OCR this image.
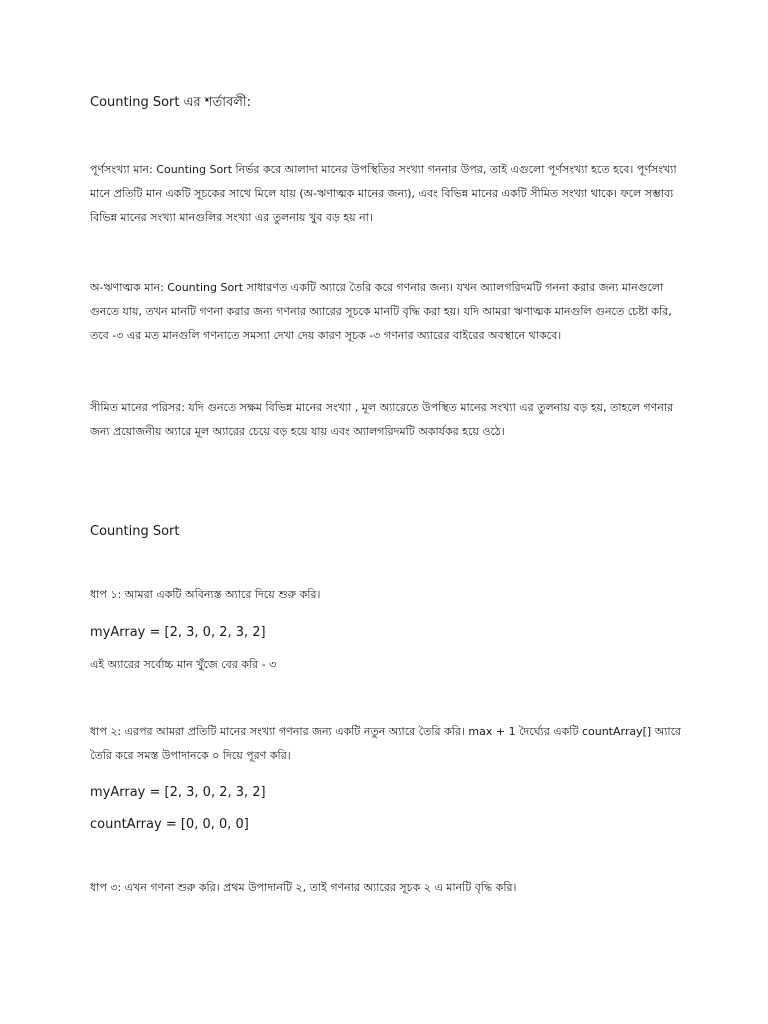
Counting Sort এর শর্তাবলী:
পূর্ণসংখ্যা মান: Counting Sort নির্ভর করে আলাদা মানের উপস্থিতির সংখ্যা গননার উপর, তাই এগুলো পূর্ণসংখ্যা হতে হবে। পূর্ণসংখ্যা মানে প্রতিটি মান একটি সূচকের সাথে মিলে যায় (অ-ঋণাত্মক মানের জন্য), এবং বিভিন্ন মানের একটি সীমিত সংখ্যা থাকে। ফলে সম্ভাব্য বিভিন্ন মানের সংখ্যা মানগুলির সংখ্যা এর তুলনায় খুব বড় হয় না।
অ-ঋণাত্মক মান: Counting Sort সাধারণত একটি অ্যারে তৈরি করে গণনার জন্য। যখন অ্যালগরিদমটি গননা করার জন্য মানগুলো গুনতে যায়, তখন মানটি গণনা করার জন্য গণনার অ্যারের সূচকে মানটি বৃদ্ধি করা হয়। যদি আমরা ঋণাত্মক মানগুলি গুনতে চেষ্টা করি, তবে -৩ এর মত মানগুলি গণনাতে সমস্যা দেখা দেয় কারণ সূচক -৩ গণনার অ্যারের বাইরের অবস্থানে থাকবে।
সীমিত মানের পরিসর: যদি গুনতে সক্ষম বিভিন্ন মানের সংখ্যা , মূল অ্যারেতে উপস্থিত মানের সংখ্যা এর তুলনায় বড় হয়, তাহলে গণনার জন্য প্রয়োজনীয় অ্যারে মূল অ্যারের চেয়ে বড় হয়ে যায় এবং অ্যালগরিদমটি অকার্যকর হয়ে ওঠে।
Counting Sort
ধাপ ১: আমরা একটি অবিন্যস্ত অ্যারে দিয়ে শুরু করি।
myArray = [2, 3, 0, 2, 3, 2]
এই অ্যারের সর্বোচ্চ মান খুঁজে বের করি - ৩
ধাপ ২: এরপর আমরা প্রতিটি মানের সংখ্যা গণনার জন্য একটি নতুন অ্যারে তৈরি করি। max + 1 দৈর্ঘ্যের একটি countArray[] অ্যারে তৈরি করে সমস্ত উপাদানকে ০ দিয়ে পূরণ করি।
myArray = [2, 3, 0, 2, 3, 2]
countArray = [0, 0, 0, 0]
ধাপ ৩: এখন গণনা শুরু করি। প্রথম উপাদানটি ২, তাই গণনার অ্যারের সূচক ২ এ মানটি বৃদ্ধি করি।
